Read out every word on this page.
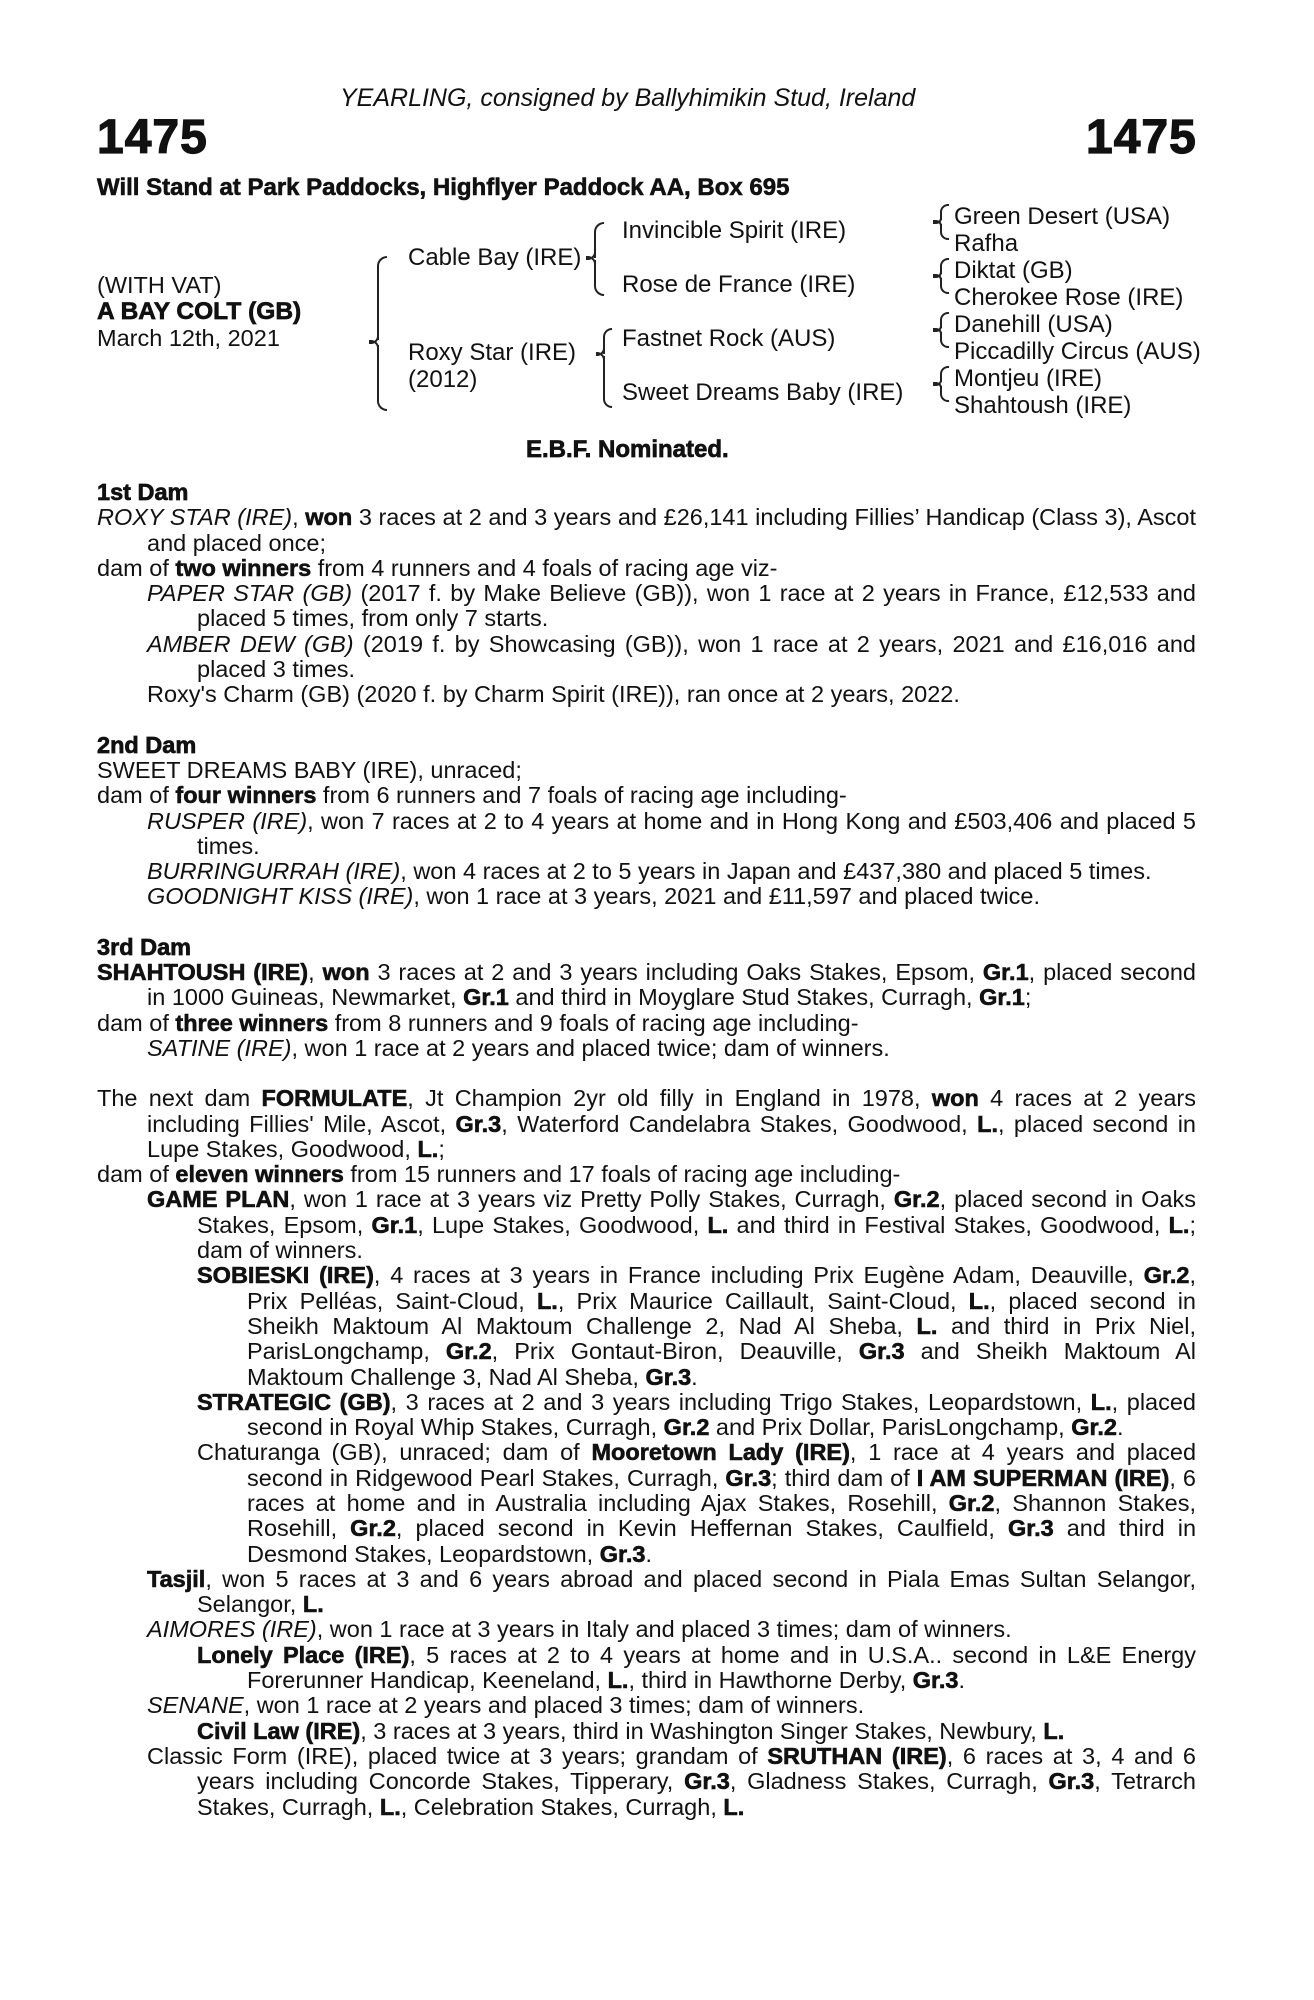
YEARLING, consigned by Ballyhimikin Stud, Ireland
1475	1475
Will Stand at Park Paddocks, Highflyer Paddock AA, Box 695
(WITH VAT)
A BAY COLT (GB)
March 12th, 2021
Cable Bay (IRE)
Roxy Star (IRE)
(2012)
Invincible Spirit (IRE)
Rose de France (IRE)
Fastnet Rock (AUS)
Sweet Dreams Baby (IRE)
Green Desert (USA)
Rafha
Diktat (GB)
Cherokee Rose (IRE)
Danehill (USA)
Piccadilly Circus (AUS)
Montjeu (IRE)
Shahtoush (IRE)
E.B.F. Nominated.

1st Dam

ROXY STAR (IRE), won 3 races at 2 and 3 years and £26,141 including Fillies’ Handicap (Class 3), Ascot and placed once;

dam of two winners from 4 runners and 4 foals of racing age viz-

PAPER STAR (GB) (2017 f. by Make Believe (GB)), won 1 race at 2 years in France, £12,533 and placed 5 times, from only 7 starts.

AMBER DEW (GB) (2019 f. by Showcasing (GB)), won 1 race at 2 years, 2021 and £16,016 and placed 3 times.

Roxy's Charm (GB) (2020 f. by Charm Spirit (IRE)), ran once at 2 years, 2022.

2nd Dam

SWEET DREAMS BABY (IRE), unraced;

dam of four winners from 6 runners and 7 foals of racing age including-

RUSPER (IRE), won 7 races at 2 to 4 years at home and in Hong Kong and £503,406 and placed 5 times.

BURRINGURRAH (IRE), won 4 races at 2 to 5 years in Japan and £437,380 and placed 5 times.

GOODNIGHT KISS (IRE), won 1 race at 3 years, 2021 and £11,597 and placed twice.

3rd Dam

SHAHTOUSH (IRE), won 3 races at 2 and 3 years including Oaks Stakes, Epsom, Gr.1, placed second in 1000 Guineas, Newmarket, Gr.1 and third in Moyglare Stud Stakes, Curragh, Gr.1;

dam of three winners from 8 runners and 9 foals of racing age including-

SATINE (IRE), won 1 race at 2 years and placed twice; dam of winners.

The next dam FORMULATE, Jt Champion 2yr old filly in England in 1978, won 4 races at 2 years including Fillies' Mile, Ascot, Gr.3, Waterford Candelabra Stakes, Goodwood, L., placed second in Lupe Stakes, Goodwood, L.;

dam of eleven winners from 15 runners and 17 foals of racing age including-

GAME PLAN, won 1 race at 3 years viz Pretty Polly Stakes, Curragh, Gr.2, placed second in Oaks Stakes, Epsom, Gr.1, Lupe Stakes, Goodwood, L. and third in Festival Stakes, Goodwood, L.; dam of winners.

SOBIESKI (IRE), 4 races at 3 years in France including Prix Eugène Adam, Deauville, Gr.2, Prix Pelléas, Saint-Cloud, L., Prix Maurice Caillault, Saint-Cloud, L., placed second in Sheikh Maktoum Al Maktoum Challenge 2, Nad Al Sheba, L. and third in Prix Niel, ParisLongchamp, Gr.2, Prix Gontaut-Biron, Deauville, Gr.3 and Sheikh Maktoum Al Maktoum Challenge 3, Nad Al Sheba, Gr.3.

STRATEGIC (GB), 3 races at 2 and 3 years including Trigo Stakes, Leopardstown, L., placed second in Royal Whip Stakes, Curragh, Gr.2 and Prix Dollar, ParisLongchamp, Gr.2.

Chaturanga (GB), unraced; dam of Mooretown Lady (IRE), 1 race at 4 years and placed second in Ridgewood Pearl Stakes, Curragh, Gr.3; third dam of I AM SUPERMAN (IRE), 6 races at home and in Australia including Ajax Stakes, Rosehill, Gr.2, Shannon Stakes, Rosehill, Gr.2, placed second in Kevin Heffernan Stakes, Caulfield, Gr.3 and third in Desmond Stakes, Leopardstown, Gr.3.

Tasjil, won 5 races at 3 and 6 years abroad and placed second in Piala Emas Sultan Selangor, Selangor, L.

AIMORES (IRE), won 1 race at 3 years in Italy and placed 3 times; dam of winners.

Lonely Place (IRE), 5 races at 2 to 4 years at home and in U.S.A.. second in L&E Energy Forerunner Handicap, Keeneland, L., third in Hawthorne Derby, Gr.3.

SENANE, won 1 race at 2 years and placed 3 times; dam of winners.

Civil Law (IRE), 3 races at 3 years, third in Washington Singer Stakes, Newbury, L.

Classic Form (IRE), placed twice at 3 years; grandam of SRUTHAN (IRE), 6 races at 3, 4 and 6 years including Concorde Stakes, Tipperary, Gr.3, Gladness Stakes, Curragh, Gr.3, Tetrarch Stakes, Curragh, L., Celebration Stakes, Curragh, L.
